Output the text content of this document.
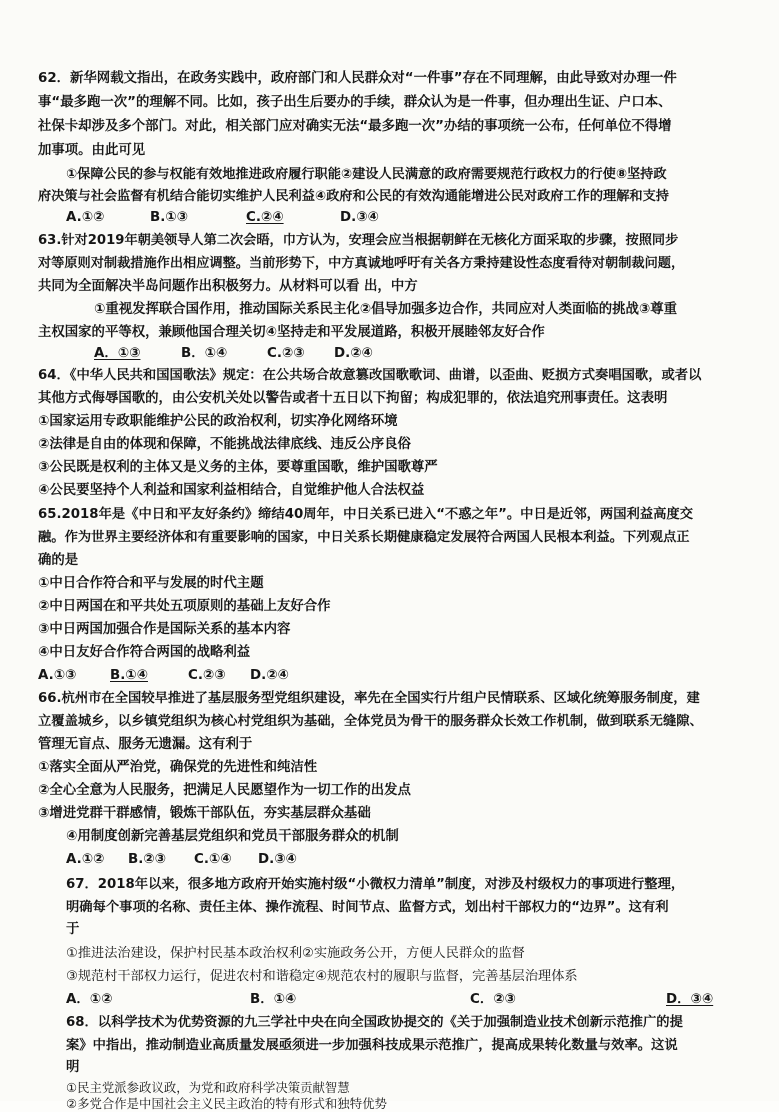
62．新华网载文指出，在政务实践中，政府部门和人民群众对“一件事”存在不同理解，由此导致对办理一件
事“最多跑一次”的理解不同。比如，孩子出生后要办的手续，群众认为是一件事，但办理出生证、户口本、
社保卡却涉及多个部门。对此，相关部门应对确实无法“最多跑一次”办结的事项统一公布，任何单位不得增
加事项。由此可见
①保障公民的参与权能有效地推进政府履行职能②建设人民满意的政府需要规范行政权力的行使⑧坚持政
府决策与社会监督有机结合能切实维护人民利益④政府和公民的有效沟通能增进公民对政府工作的理解和支持
A.①②	B.①③	C.②④	D.③④
63.针对2019年朝美领导人第二次会晤，巾方认为，安理会应当根据朝鲜在无核化方面采取的步骤，按照同步
对等原则对制裁措施作出相应调整。当前形势下，中方真诚地呼吁有关各方秉持建设性态度看待对朝制裁问题，
共同为全面解决半岛问题作出积极努力。从材料可以看 出，中方
①重视发挥联合国作用，推动国际关系民主化②倡导加强多边合作，共同应对人类面临的挑战③尊重
主权国家的平等权，兼顾他国合理关切④坚持走和平发展道路，积极开展睦邻友好合作
A．①③	B．①④	C.②③ D.②④
64．《中华人民共和国国歌法》规定：在公共场合故意篡改国歌歌词、曲谱，以歪曲、贬损方式奏唱国歌，或者以
其他方式侮辱国歌的，由公安机关处以警告或者十五日以下拘留；构成犯罪的，依法追究刑事责任。这表明
①国家运用专政职能维护公民的政治权利，切实净化网络环境
②法律是自由的体现和保障，不能挑战法律底线、违反公序良俗
③公民既是权利的主体又是义务的主体，要尊重国歌，维护国歌尊严
④公民要坚持个人利益和国家利益相结合，自觉维护他人合法权益
65.2018年是《中日和平友好条约》缔结40周年，中日关系已进入“不惑之年”。中日是近邻，两国利益高度交
融。作为世界主要经济体和有重要影响的国家，中日关系长期健康稳定发展符合两国人民根本利益。下列观点正
确的是
①中日合作符合和平与发展的时代主题
②中日两国在和平共处五项原则的基础上友好合作
③中日两国加强合作是国际关系的基本内容
④中日友好合作符合两国的战略利益
A.①③	B.①④	C.②③ D.②④
66.杭州市在全国较早推进了基层服务型党组织建设，率先在全国实行片组户民情联系、区域化统筹服务制度，建
立覆盖城乡，以乡镇党组织为核心村党组织为基础，全体党员为骨干的服务群众长效工作机制，做到联系无缝隙、
管理无盲点、服务无遗漏。这有利于
①落实全面从严治党，确保党的先进性和纯洁性
②全心全意为人民服务，把满足人民愿望作为一切工作的出发点
③增进党群干群感情，锻炼干部队伍，夯实基层群众基础
④用制度创新完善基层党组织和党员干部服务群众的机制
A.①② B.②③ C.①④ D.③④
67．2018年以来，很多地方政府开始实施村级“小微权力清单”制度，对涉及村级权力的事项进行整理，
明确每个事项的名称、责任主体、操作流程、时间节点、监督方式，划出村干部权力的“边界”。这有利
于
①推进法治建设，保护村民基本政治权利②实施政务公开，方便人民群众的监督
③规范村干部权力运行，促进农村和谐稳定④规范农村的履职与监督，完善基层治理体系
A．①②	B．①④	C．②③	D．③④
68．以科学技术为优势资源的九三学社中央在向全国政协提交的《关于加强制造业技术创新示范推广的提
案》中指出，推动制造业高质量发展亟须进一步加强科技成果示范推广，提高成果转化数量与效率。这说
明
①民主党派参政议政，为党和政府科学决策贡献智慧
②多党合作是中国社会主义民主政治的特有形式和独特优势
